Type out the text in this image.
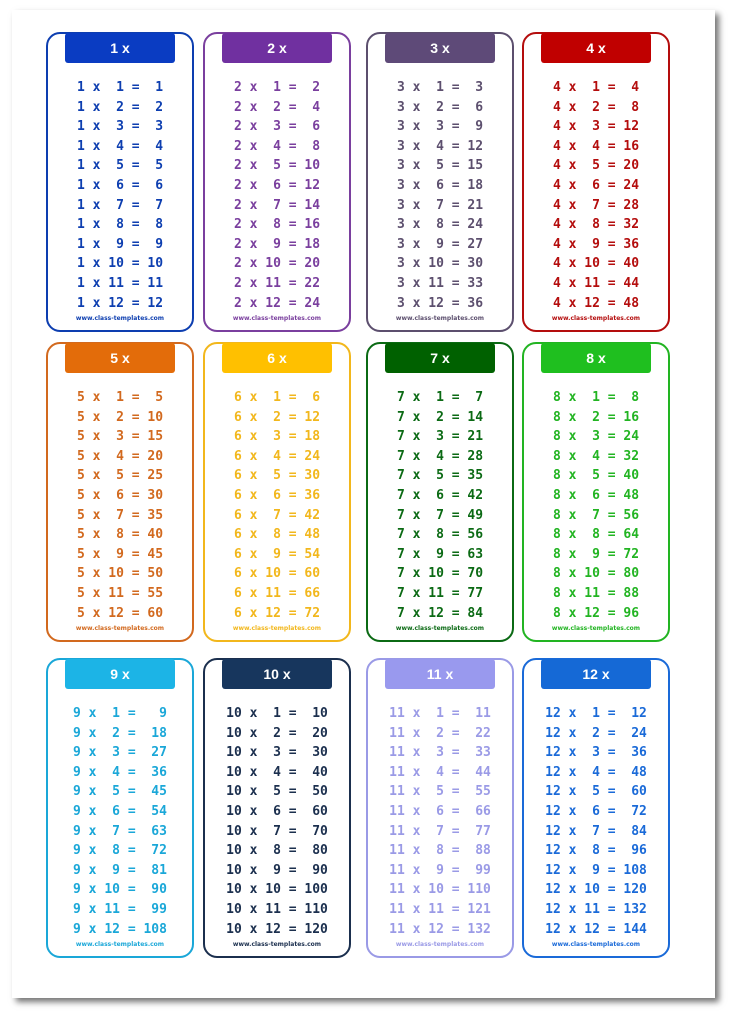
1 x
1 x  1 =  1
1 x  2 =  2
1 x  3 =  3
1 x  4 =  4
1 x  5 =  5
1 x  6 =  6
1 x  7 =  7
1 x  8 =  8
1 x  9 =  9
1 x 10 = 10
1 x 11 = 11
1 x 12 = 12
www.class-templates.com
2 x
2 x  1 =  2
2 x  2 =  4
2 x  3 =  6
2 x  4 =  8
2 x  5 = 10
2 x  6 = 12
2 x  7 = 14
2 x  8 = 16
2 x  9 = 18
2 x 10 = 20
2 x 11 = 22
2 x 12 = 24
www.class-templates.com
3 x
3 x  1 =  3
3 x  2 =  6
3 x  3 =  9
3 x  4 = 12
3 x  5 = 15
3 x  6 = 18
3 x  7 = 21
3 x  8 = 24
3 x  9 = 27
3 x 10 = 30
3 x 11 = 33
3 x 12 = 36
www.class-templates.com
4 x
4 x  1 =  4
4 x  2 =  8
4 x  3 = 12
4 x  4 = 16
4 x  5 = 20
4 x  6 = 24
4 x  7 = 28
4 x  8 = 32
4 x  9 = 36
4 x 10 = 40
4 x 11 = 44
4 x 12 = 48
www.class-templates.com
5 x
5 x  1 =  5
5 x  2 = 10
5 x  3 = 15
5 x  4 = 20
5 x  5 = 25
5 x  6 = 30
5 x  7 = 35
5 x  8 = 40
5 x  9 = 45
5 x 10 = 50
5 x 11 = 55
5 x 12 = 60
www.class-templates.com
6 x
6 x  1 =  6
6 x  2 = 12
6 x  3 = 18
6 x  4 = 24
6 x  5 = 30
6 x  6 = 36
6 x  7 = 42
6 x  8 = 48
6 x  9 = 54
6 x 10 = 60
6 x 11 = 66
6 x 12 = 72
www.class-templates.com
7 x
7 x  1 =  7
7 x  2 = 14
7 x  3 = 21
7 x  4 = 28
7 x  5 = 35
7 x  6 = 42
7 x  7 = 49
7 x  8 = 56
7 x  9 = 63
7 x 10 = 70
7 x 11 = 77
7 x 12 = 84
www.class-templates.com
8 x
8 x  1 =  8
8 x  2 = 16
8 x  3 = 24
8 x  4 = 32
8 x  5 = 40
8 x  6 = 48
8 x  7 = 56
8 x  8 = 64
8 x  9 = 72
8 x 10 = 80
8 x 11 = 88
8 x 12 = 96
www.class-templates.com
9 x
9 x  1 =   9
9 x  2 =  18
9 x  3 =  27
9 x  4 =  36
9 x  5 =  45
9 x  6 =  54
9 x  7 =  63
9 x  8 =  72
9 x  9 =  81
9 x 10 =  90
9 x 11 =  99
9 x 12 = 108
www.class-templates.com
10 x
10 x  1 =  10
10 x  2 =  20
10 x  3 =  30
10 x  4 =  40
10 x  5 =  50
10 x  6 =  60
10 x  7 =  70
10 x  8 =  80
10 x  9 =  90
10 x 10 = 100
10 x 11 = 110
10 x 12 = 120
www.class-templates.com
11 x
11 x  1 =  11
11 x  2 =  22
11 x  3 =  33
11 x  4 =  44
11 x  5 =  55
11 x  6 =  66
11 x  7 =  77
11 x  8 =  88
11 x  9 =  99
11 x 10 = 110
11 x 11 = 121
11 x 12 = 132
www.class-templates.com
12 x
12 x  1 =  12
12 x  2 =  24
12 x  3 =  36
12 x  4 =  48
12 x  5 =  60
12 x  6 =  72
12 x  7 =  84
12 x  8 =  96
12 x  9 = 108
12 x 10 = 120
12 x 11 = 132
12 x 12 = 144
www.class-templates.com
